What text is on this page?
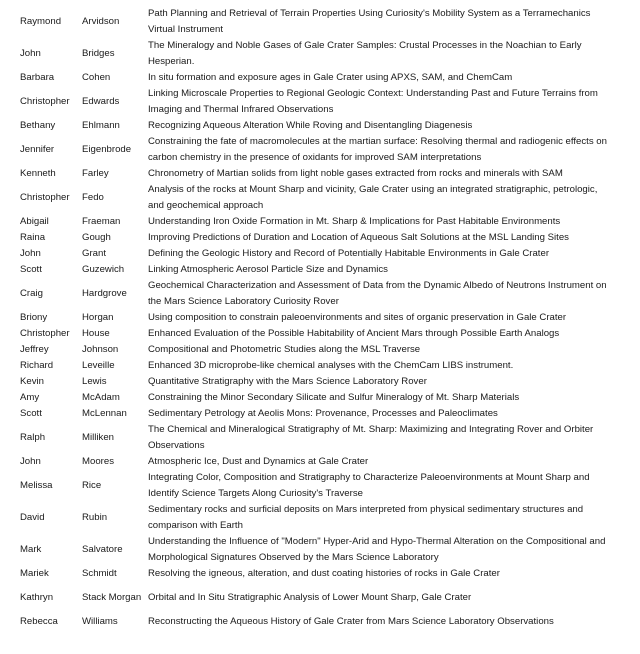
Raymond	Arvidson	Path Planning and Retrieval of Terrain Properties Using Curiosity's Mobility System as a Terramechanics Virtual Instrument
John	Bridges	The Mineralogy and Noble Gases of Gale Crater Samples: Crustal Processes in the Noachian to Early Hesperian.
Barbara	Cohen	In situ formation and exposure ages in Gale Crater using APXS, SAM, and ChemCam
Christopher	Edwards	Linking Microscale Properties to Regional Geologic Context: Understanding Past and Future Terrains from Imaging and Thermal Infrared Observations
Bethany	Ehlmann	Recognizing Aqueous Alteration While Roving and Disentangling Diagenesis
Jennifer	Eigenbrode	Constraining the fate of macromolecules at the martian surface: Resolving thermal and radiogenic effects on carbon chemistry in the presence of oxidants for improved SAM interpretations
Kenneth	Farley	Chronometry of Martian solids from light noble gases extracted from rocks and minerals with SAM
Christopher	Fedo	Analysis of the rocks at Mount Sharp and vicinity, Gale Crater using an integrated stratigraphic, petrologic, and geochemical approach
Abigail	Fraeman	Understanding Iron Oxide Formation in Mt. Sharp & Implications for Past Habitable Environments
Raina	Gough	Improving Predictions of Duration and Location of Aqueous Salt Solutions at the MSL Landing Sites
John	Grant	Defining the Geologic History and Record of Potentially Habitable Environments in Gale Crater
Scott	Guzewich	Linking Atmospheric Aerosol Particle Size and Dynamics
Craig	Hardgrove	Geochemical Characterization and Assessment of Data from the Dynamic Albedo of Neutrons Instrument on the Mars Science Laboratory Curiosity Rover
Briony	Horgan	Using composition to constrain paleoenvironments and sites of organic preservation in Gale Crater
Christopher	House	Enhanced Evaluation of the Possible Habitability of Ancient Mars through Possible Earth Analogs
Jeffrey	Johnson	Compositional and Photometric Studies along the MSL Traverse
Richard	Leveille	Enhanced 3D microprobe-like chemical analyses with the ChemCam LIBS instrument.
Kevin	Lewis	Quantitative Stratigraphy with the Mars Science Laboratory Rover
Amy	McAdam	Constraining the Minor Secondary Silicate and Sulfur Mineralogy of Mt. Sharp Materials
Scott	McLennan	Sedimentary Petrology at Aeolis Mons: Provenance, Processes and Paleoclimates
Ralph	Milliken	The Chemical and Mineralogical Stratigraphy of Mt. Sharp: Maximizing and Integrating Rover and Orbiter Observations
John	Moores	Atmospheric Ice, Dust and Dynamics at Gale Crater
Melissa	Rice	Integrating Color, Composition and Stratigraphy to Characterize Paleoenvironments at Mount Sharp and Identify Science Targets Along Curiosity's Traverse
David	Rubin	Sedimentary rocks and surficial deposits on Mars interpreted from physical sedimentary structures and comparison with Earth
Mark	Salvatore	Understanding the Influence of "Modern" Hyper-Arid and Hypo-Thermal Alteration on the Compositional and Morphological Signatures Observed by the Mars Science Laboratory
Mariek	Schmidt	Resolving the igneous, alteration, and dust coating histories of rocks in Gale Crater
Kathryn	Stack Morgan	Orbital and In Situ Stratigraphic Analysis of Lower Mount Sharp, Gale Crater
Rebecca	Williams	Reconstructing the Aqueous History of Gale Crater from Mars Science Laboratory Observations
